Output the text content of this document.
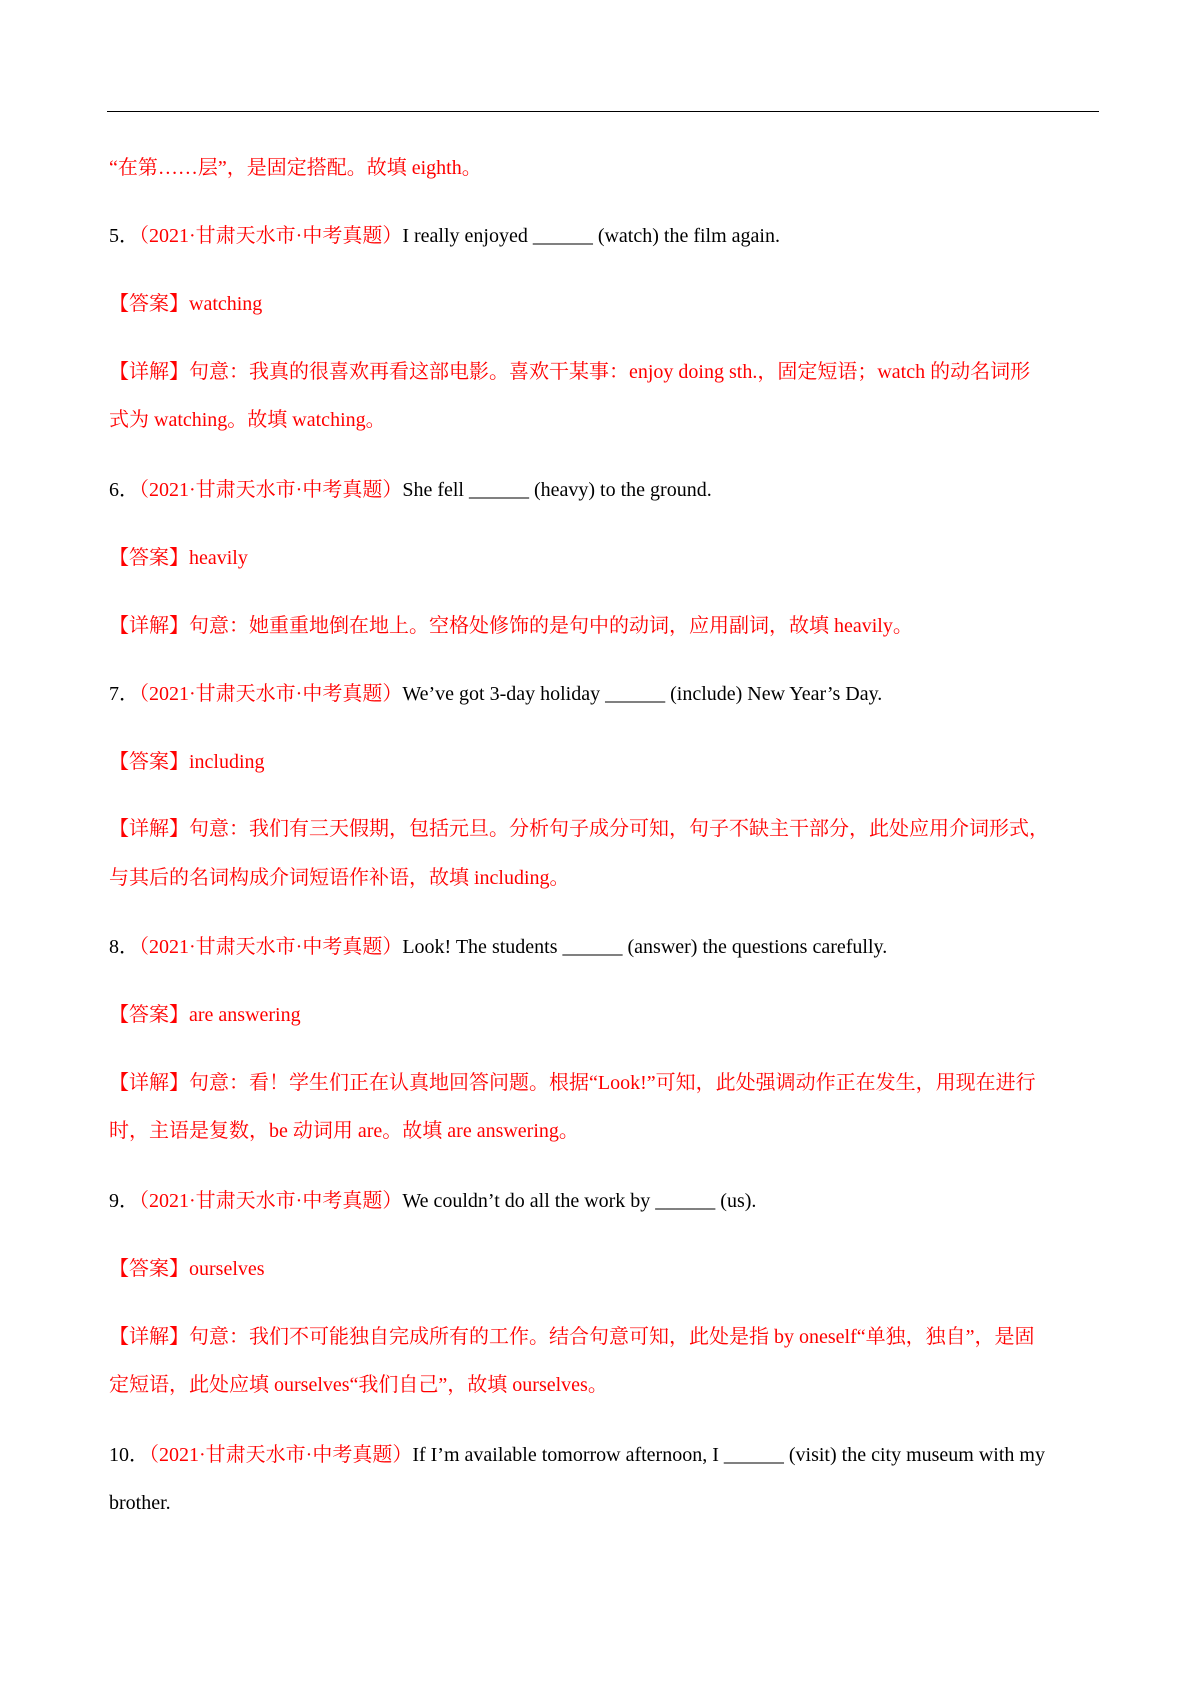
“在第……层”，是固定搭配。故填 eighth。
5．（2021·甘肃天水市·中考真题）I really enjoyed ______ (watch) the film again.
【答案】watching
【详解】句意：我真的很喜欢再看这部电影。喜欢干某事：enjoy doing sth.，固定短语；watch 的动名词形
式为 watching。故填 watching。
6．（2021·甘肃天水市·中考真题）She fell ______ (heavy) to the ground.
【答案】heavily
【详解】句意：她重重地倒在地上。空格处修饰的是句中的动词，应用副词，故填 heavily。
7．（2021·甘肃天水市·中考真题）We’ve got 3-day holiday ______ (include) New Year’s Day.
【答案】including
【详解】句意：我们有三天假期，包括元旦。分析句子成分可知，句子不缺主干部分，此处应用介词形式，
与其后的名词构成介词短语作补语，故填 including。
8．（2021·甘肃天水市·中考真题）Look! The students ______ (answer) the questions carefully.
【答案】are answering
【详解】句意：看！学生们正在认真地回答问题。根据“Look!”可知，此处强调动作正在发生，用现在进行
时，主语是复数，be 动词用 are。故填 are answering。
9．（2021·甘肃天水市·中考真题）We couldn’t do all the work by ______ (us).
【答案】ourselves
【详解】句意：我们不可能独自完成所有的工作。结合句意可知，此处是指 by oneself“单独，独自”，是固
定短语，此处应填 ourselves“我们自己”，故填 ourselves。
10．（2021·甘肃天水市·中考真题）If I’m available tomorrow afternoon, I ______ (visit) the city museum with my
brother.
